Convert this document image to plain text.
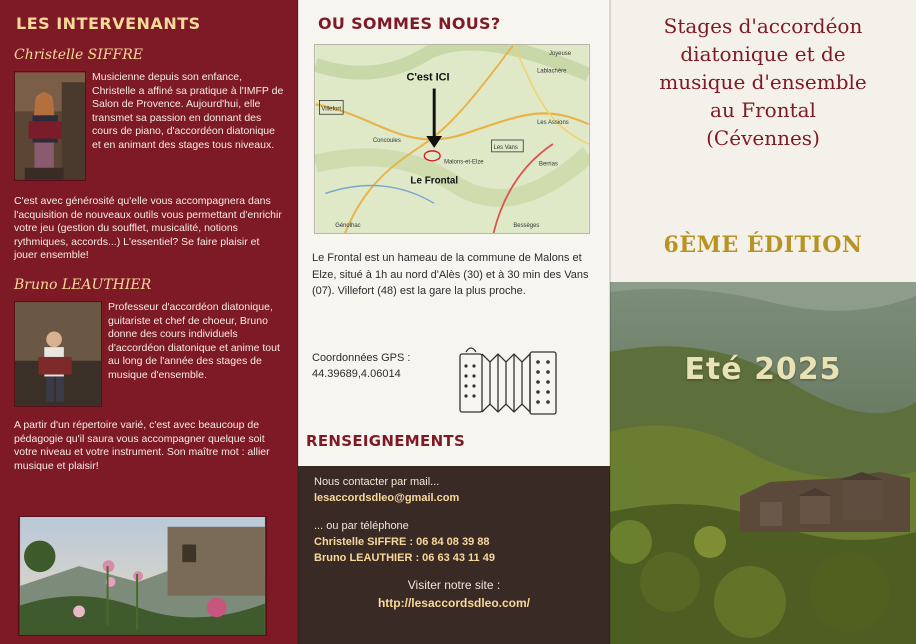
LES INTERVENANTS
Christelle SIFFRE
Musicienne depuis son enfance, Christelle a affiné sa pratique à l'IMFP de Salon de Provence. Aujourd'hui, elle transmet sa passion en donnant des cours de piano, d'accordéon diatonique et en animant des stages tous niveaux.
C'est avec générosité qu'elle vous accompagnera dans l'acquisition de nouveaux outils vous permettant d'enrichir votre jeu (gestion du soufflet, musicalité, notions rythmiques, accords...) L'essentiel? Se faire plaisir et jouer ensemble!
Bruno LEAUTHIER
Professeur d'accordéon diatonique, guitariste et chef de choeur, Bruno donne des cours individuels d'accordéon diatonique et anime tout au long de l'année des stages de musique d'ensemble.
A partir d'un répertoire varié, c'est avec beaucoup de pédagogie qu'il saura vous accompagner quelque soit votre niveau et votre instrument. Son maître mot : allier musique et plaisir!
OU SOMMES NOUS?
C'est ICI
Le Frontal
Villefort
Les Vans
Joyeuse
Lablachère
Les Assions
Berrias
Génolhac	Bessèges
Concoules
Malons-et-Elze
Le Frontal est un hameau de la commune de Malons et Elze, situé à 1h au nord d'Alès (30) et à 30 min des Vans (07). Villefort (48) est la gare la plus proche.
Coordonnées GPS :
44.39689,4.06014
RENSEIGNEMENTS
Nous contacter par mail...
lesaccordsdleo@gmail.com
... ou par téléphone
Christelle SIFFRE : 06 84 08 39 88
Bruno LEAUTHIER : 06 63 43 11 49
Visiter notre site :
http://lesaccordsdleo.com/
Stages d'accordéon
diatonique et de
musique d'ensemble
au Frontal
(Cévennes)
6ÈME ÉDITION
Eté 2025
